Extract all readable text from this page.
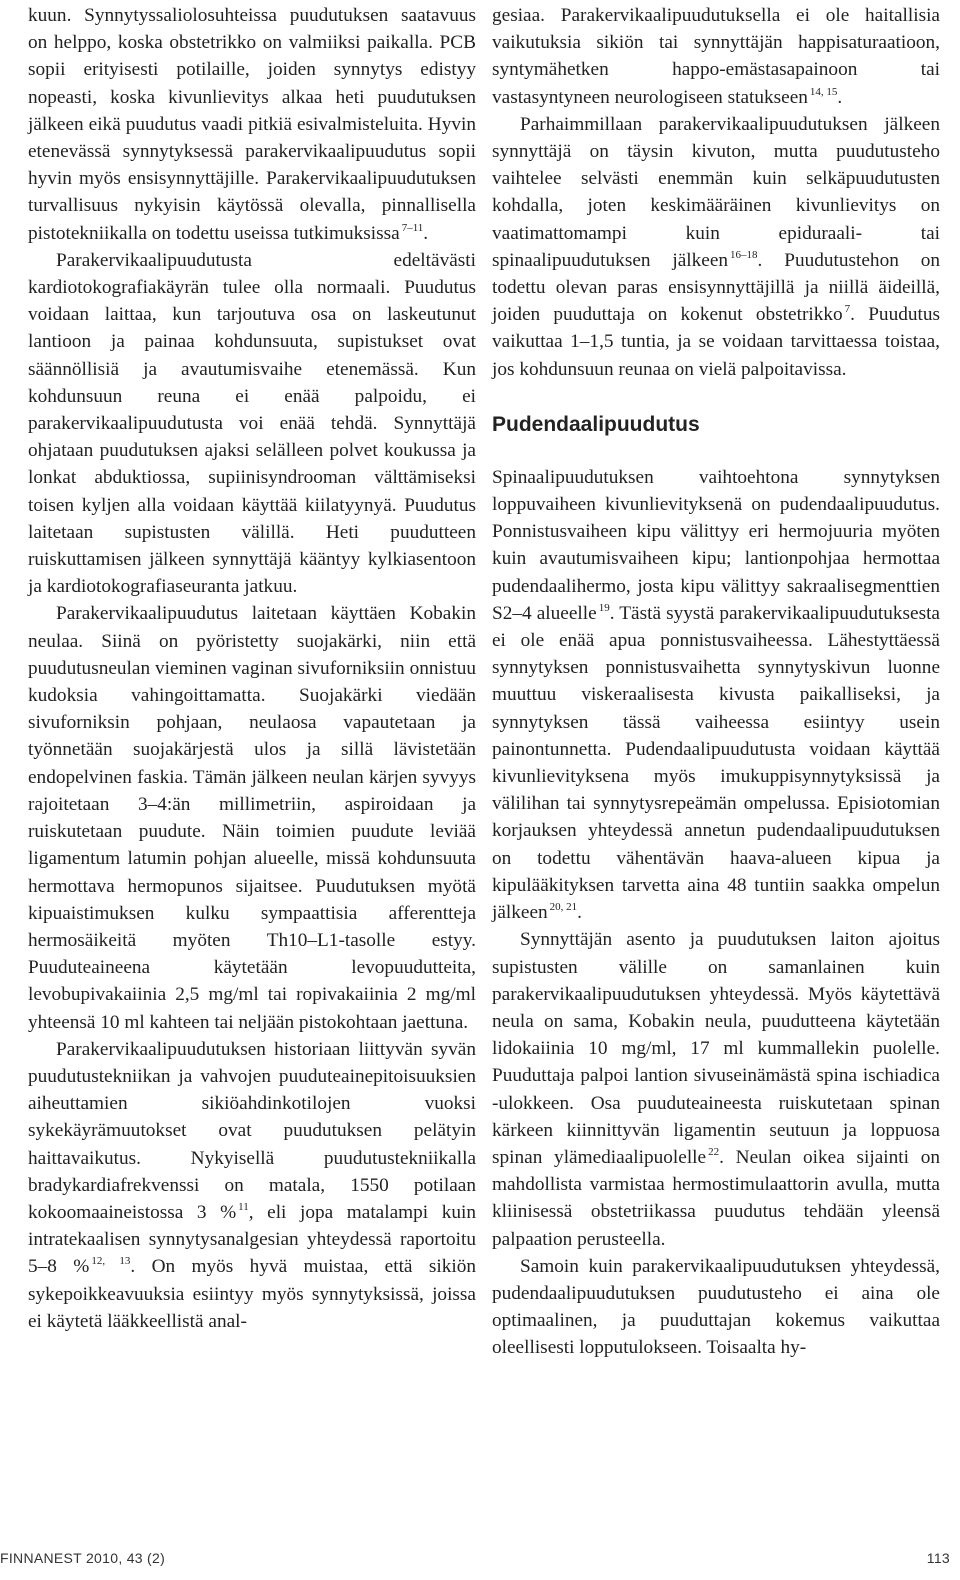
kuun. Synnytyssaliolosuhteissa puudutuksen saatavuus on helppo, koska obstetrikko on valmiiksi paikalla. PCB sopii erityisesti potilaille, joiden synnytys edistyy nopeasti, koska kivunlievitys alkaa heti puudutuksen jälkeen eikä puudutus vaadi pitkiä esivalmisteluita. Hyvin etenevässä synnytyksessä parakervikaalipuudutus sopii hyvin myös ensisynnyttäjille. Parakervikaalipuudutuksen turvallisuus nykyisin käytössä olevalla, pinnallisella pistotekniikalla on todettu useissa tutkimuksissa $^{7-11}$.

Parakervikaalipuudutusta edeltävästi kardiotokografiakäyrän tulee olla normaali. Puudutus voidaan laittaa, kun tarjoutuva osa on laskeutunut lantioon ja painaa kohdunsuuta, supistukset ovat säännöllisiä ja avautumisvaihe etenemässä. Kun kohdunsuun reuna ei enää palpoidu, ei parakervikaalipuudutusta voi enää tehdä. Synnyttäjä ohjataan puudutuksen ajaksi selälleen polvet koukussa ja lonkat abduktiossa, supiinisyndrooman välttämiseksi toisen kyljen alla voidaan käyttää kiilatyynyä. Puudutus laitetaan supistusten välillä. Heti puudutteen ruiskuttamisen jälkeen synnyttäjä kääntyy kylkiasentoon ja kardiotokografiaseuranta jatkuu.

Parakervikaalipuudutus laitetaan käyttäen Kobakin neulaa. Siinä on pyöristetty suojakärki, niin että puudutusneulan vieminen vaginan sivuforniksiin onnistuu kudoksia vahingoittamatta. Suojakärki viedään sivuforniksin pohjaan, neulaosa vapautetaan ja työnnetään suojakärjestä ulos ja sillä lävistetään endopelvinen faskia. Tämän jälkeen neulan kärjen syvyys rajoitetaan 3–4:än millimetriin, aspiroidaan ja ruiskutetaan puudute. Näin toimien puudute leviää ligamentum latumin pohjan alueelle, missä kohdunsuuta hermottava hermopunos sijaitsee. Puudutuksen myötä kipuaistimuksen kulku sympaattisia afferentteja hermosäikeitä myöten Th10–L1-tasolle estyy. Puuduteaineena käytetään levopuudutteita, levobupivakaiinia 2,5 mg/ml tai ropivakaiinia 2 mg/ml yhteensä 10 ml kahteen tai neljään pistokohtaan jaettuna.

Parakervikaalipuudutuksen historiaan liittyvän syvän puudutustekniikan ja vahvojen puuduteainepitoisuuksien aiheuttamien sikiöahdinkotilojen vuoksi sykekäyrämuutokset ovat puudutuksen pelätyin haittavaikutus. Nykyisellä puudutustekniikalla bradykardiafrekvenssi on matala, 1550 potilaan kokoomaaineistossa 3 % $^{11}$, eli jopa matalampi kuin intratekaalisen synnytysanalgesian yhteydessä raportoitu 5–8 % $^{12, 13}$. On myös hyvä muistaa, että sikiön sykepoikkeavuuksia esiintyy myös synnytyksissä, joissa ei käytetä lääkkeellistä anal-

gesiaa. Parakervikaalipuudutuksella ei ole haitallisia vaikutuksia sikiön tai synnyttäjän happisaturaatioon, syntymähetken happo-emästasapainoon tai vastasyntyneen neurologiseen statukseen $^{14, 15}$.

Parhaimmillaan parakervikaalipuudutuksen jälkeen synnyttäjä on täysin kivuton, mutta puudutusteho vaihtelee selvästi enemmän kuin selkäpuudutusten kohdalla, joten keskimääräinen kivunlievitys on vaatimattomampi kuin epiduraali- tai spinaalipuudutuksen jälkeen $^{16-18}$. Puudutustehon on todettu olevan paras ensisynnyttäjillä ja niillä äideillä, joiden puuduttaja on kokenut obstetrikko $^7$. Puudutus vaikuttaa 1–1,5 tuntia, ja se voidaan tarvittaessa toistaa, jos kohdunsuun reunaa on vielä palpoitavissa.

Pudendaalipuudutus

Spinaalipuudutuksen vaihtoehtona synnytyksen loppuvaiheen kivunlievityksenä on pudendaalipuudutus. Ponnistusvaiheen kipu välittyy eri hermojuuria myöten kuin avautumisvaiheen kipu; lantionpohjaa hermottaa pudendaalihermo, josta kipu välittyy sakraalisegmenttien S2–4 alueelle $^{19}$. Tästä syystä parakervikaalipuudutuksesta ei ole enää apua ponnistusvaiheessa. Lähestyttäessä synnytyksen ponnistusvaihetta synnytyskivun luonne muuttuu viskeraalisesta kivusta paikalliseksi, ja synnytyksen tässä vaiheessa esiintyy usein painontunnetta. Pudendaalipuudutusta voidaan käyttää kivunlievityksena myös imukuppisynnytyksissä ja välilihan tai synnytysrepeämän ompelussa. Episiotomian korjauksen yhteydessä annetun pudendaalipuudutuksen on todettu vähentävän haava-alueen kipua ja kipulääkityksen tarvetta aina 48 tuntiin saakka ompelun jälkeen $^{20, 21}$.

Synnyttäjän asento ja puudutuksen laiton ajoitus supistusten välille on samanlainen kuin parakervikaalipuudutuksen yhteydessä. Myös käytettävä neula on sama, Kobakin neula, puudutteena käytetään lidokaiinia 10 mg/ml, 17 ml kummallekin puolelle. Puuduttaja palpoi lantion sivuseinämästä spina ischiadica -ulokkeen. Osa puuduteaineesta ruiskutetaan spinan kärkeen kiinnittyvän ligamentin seutuun ja loppuosa spinan ylämediaalipuolelle $^{22}$. Neulan oikea sijainti on mahdollista varmistaa hermostimulaattorin avulla, mutta kliinisessä obstetriikassa puudutus tehdään yleensä palpaation perusteella.

Samoin kuin parakervikaalipuudutuksen yhteydessä, pudendaalipuudutuksen puudutusteho ei aina ole optimaalinen, ja puuduttajan kokemus vaikuttaa oleellisesti lopputulokseen. Toisaalta hy-

FINNANEST 2010, 43 (2)	113
